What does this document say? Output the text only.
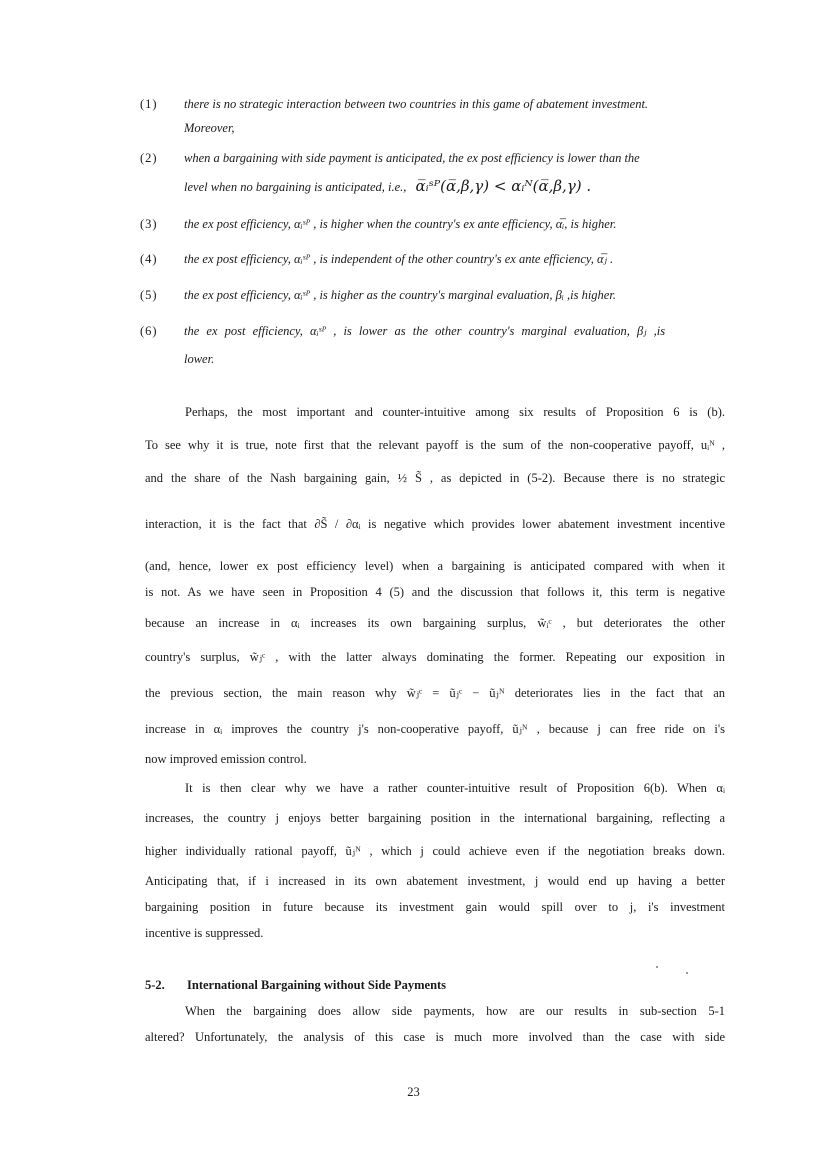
(1) there is no strategic interaction between two countries in this game of abatement investment.
Moreover,
(2) when a bargaining with side payment is anticipated, the ex post efficiency is lower than the
level when no bargaining is anticipated, i.e., α̅ᵢˢᴾ(α̅,β,γ) < αᵢᴺ(α̅,β,γ) .
(3) the ex post efficiency, αᵢˢᴾ , is higher when the country's ex ante efficiency, α̅ᵢ, is higher.
(4) the ex post efficiency, αᵢˢᴾ , is independent of the other country's ex ante efficiency, α̅ⱼ .
(5) the ex post efficiency, αᵢˢᴾ , is higher as the country's marginal evaluation, βᵢ ,is higher.
(6) the ex post efficiency, αᵢˢᴾ , is lower as the other country's marginal evaluation, βⱼ ,is
lower.
Perhaps, the most important and counter-intuitive among six results of Proposition 6 is (b).
To see why it is true, note first that the relevant payoff is the sum of the non-cooperative payoff, uᵢᴺ ,
and the share of the Nash bargaining gain, ½ S̃ , as depicted in (5-2). Because there is no strategic
interaction, it is the fact that ∂S̃ / ∂αᵢ is negative which provides lower abatement investment incentive
(and, hence, lower ex post efficiency level) when a bargaining is anticipated compared with when it
is not. As we have seen in Proposition 4 (5) and the discussion that follows it, this term is negative
because an increase in αᵢ increases its own bargaining surplus, w̃ᵢᶜ , but deteriorates the other
country's surplus, w̃ⱼᶜ , with the latter always dominating the former. Repeating our exposition in
the previous section, the main reason why w̃ⱼᶜ = ũⱼᶜ − ũⱼᴺ deteriorates lies in the fact that an
increase in αᵢ improves the country j's non-cooperative payoff, ũⱼᴺ , because j can free ride on i's
now improved emission control.
It is then clear why we have a rather counter-intuitive result of Proposition 6(b). When αᵢ
increases, the country j enjoys better bargaining position in the international bargaining, reflecting a
higher individually rational payoff, ũⱼᴺ , which j could achieve even if the negotiation breaks down.
Anticipating that, if i increased in its own abatement investment, j would end up having a better
bargaining position in future because its investment gain would spill over to j, i's investment
incentive is suppressed.
5-2. International Bargaining without Side Payments
When the bargaining does allow side payments, how are our results in sub-section 5-1
altered? Unfortunately, the analysis of this case is much more involved than the case with side
23
